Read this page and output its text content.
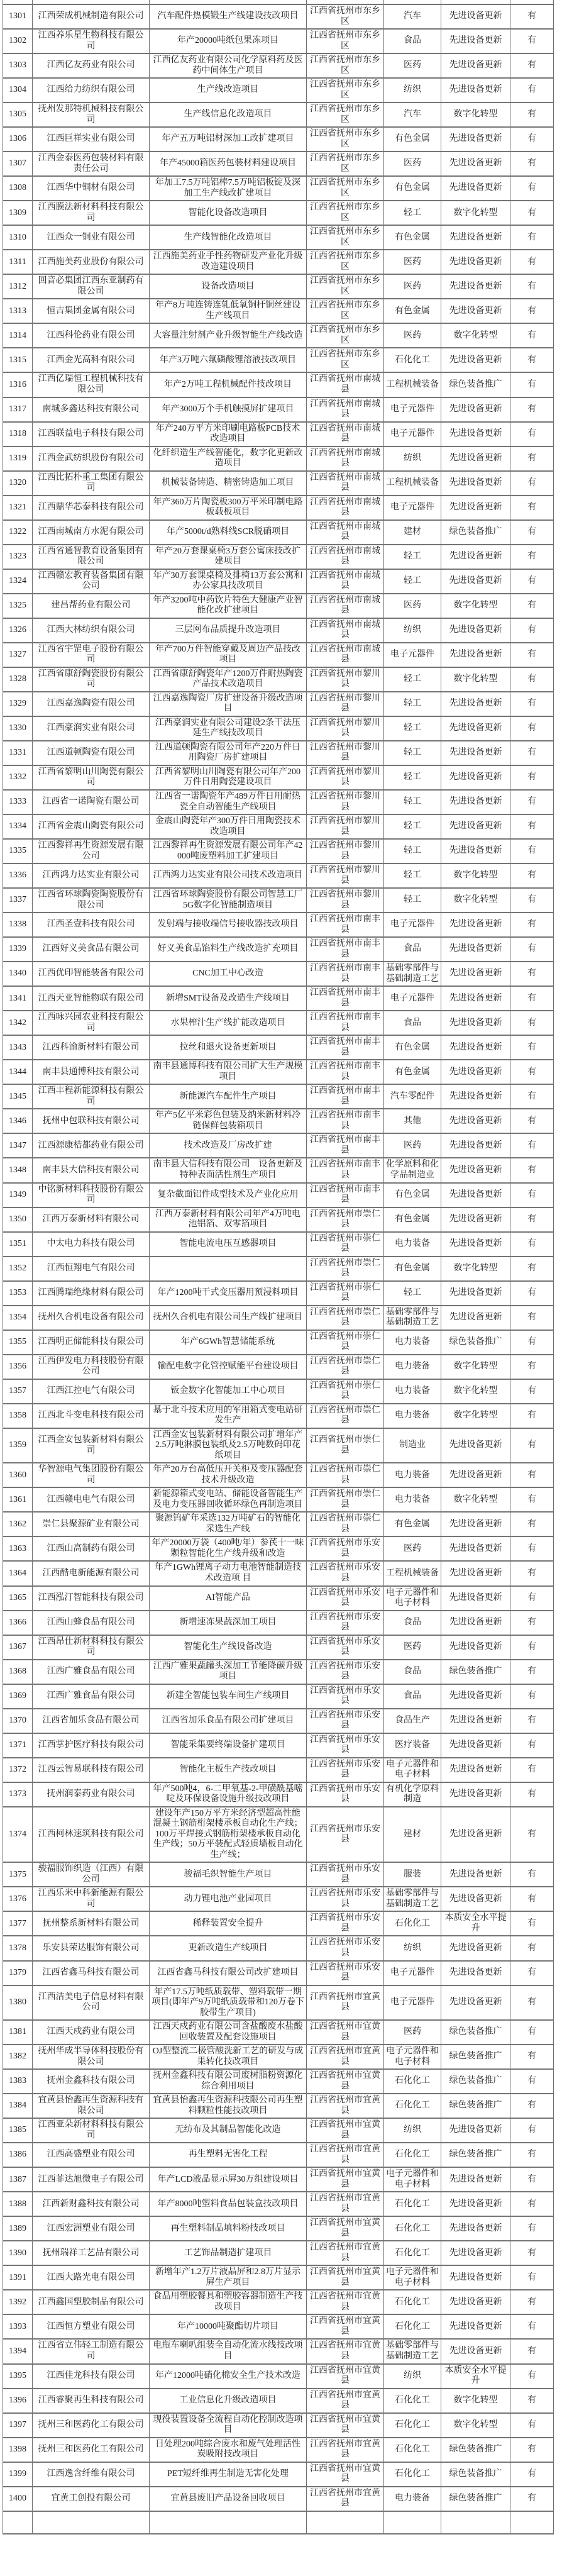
1301	江西荣成机械制造有限公司	汽车配件热模锻生产线建设技改项目	江西省抚州市东乡区	汽车	先进设备更新	有
1302	江西养乐星生物科技有限公司	年产20000吨纸包果冻项目	江西省抚州市东乡区	食品	先进设备更新	有
1303	江西亿友药业有限公司	江西亿友药业有限公司化学原料药及医药中间体生产项目	江西省抚州市东乡区	医药	先进设备更新	有
1304	江西给力纺织有限公司	生产线改造项目	江西省抚州市东乡区	纺织	先进设备更新	有
1305	抚州发那特机械科技有限公司	生产线信息化改造项目	江西省抚州市东乡区	汽车	数字化转型	有
1306	江西巨祥实业有限公司	年产五万吨铝材深加工改扩建项目	江西省抚州市东乡区	有色金属	先进设备更新	有
1307	江西金泰医药包装材料有限责任公司	年产45000箱医药包装材料建设项目	江西省抚州市东乡区	医药	先进设备更新	有
1308	江西华中铜材有限公司	年加工7.5万吨铝棒7.5万吨铝板锭及深加工生产线改扩建项目	江西省抚州市东乡区	有色金属	先进设备更新	有
1309	江西膜法新材料科技有限公司	智能化设备改造项目	江西省抚州市东乡区	轻工	数字化转型	有
1310	江西众一铜业有限公司	生产线智能化改造项目	江西省抚州市东乡区	有色金属	先进设备更新	有
1311	江西施美药业股份有限公司	江西施美药业手性药物研发产业化升级改造建设项目	江西省抚州市东乡区	医药	先进设备更新	有
1312	回音必集团江西东亚制药有限公司	设备改造项目	江西省抚州市东乡区	医药	先进设备更新	有
1313	恒吉集团金属有限公司	年产8万吨连铸连轧低氧铜杆铜丝建设生产线项目	江西省抚州市东乡区	有色金属	先进设备更新	有
1314	江西科伦药业有限公司	大容量注射剂产业升级智能生产线改造	江西省抚州市东乡区	医药	数字化转型	有
1315	江西金光高科有限公司	年产3万吨六氟磷酸锂溶液技改项目	江西省抚州市东乡区	石化化工	先进设备更新	有
1316	江西亿瑞恒工程机械科技有限公司	年产2万吨工程机械配件技改项目	江西省抚州市南城县	工程机械装备	绿色装备推广	有
1317	南城多鑫达科技有限公司	年产3000万个手机触摸屏扩建项目	江西省抚州市南城县	电子元器件	先进设备更新	有
1318	江西联益电子科技有限公司	年产240万平方米印刷电路板PCB技术改造项目	江西省抚州市南城县	电子元器件	先进设备更新	有
1319	江西金武纺织股份有限公司	化纤织造生产线智能化，数字化更新改造项目	江西省抚州市南城县	纺织	先进设备更新	有
1320	江西比拓朴重工集团有限公司	机械装备铸造、精密铸造加工项目	江西省抚州市南城县	工程机械装备	先进设备更新	有
1321	江西鼎华芯泰科技有限公司	年产360万片陶瓷板300万平米印制电路板载板项目	江西省抚州市南城县	电子元器件	先进设备更新	有
1322	江西南城南方水泥有限公司	年产5000t/d熟料线SCR脱硝项目	江西省抚州市南城县	建材	绿色装备推广	有
1323	江西省通智教育设备集团有限公司	年产20万套课桌椅3万套公寓床技改扩建项目	江西省抚州市南城县	轻工	先进设备更新	有
1324	江西赣宏教育装备集团有限公司	年产30万套课桌椅及排椅13万套公寓和办公家具技改项目	江西省抚州市南城县	轻工	先进设备更新	有
1325	建昌帮药业有限公司	年产3200吨中药饮片特色大健康产业智能化改扩建项目	江西省抚州市南城县	医药	数字化转型	有
1326	江西大林纺织有限公司	三层网布品质提升改造项目	江西省抚州市南城县	纺织	先进设备更新	有
1327	江西省宇罡电子股份有限公司	年产700万件智能穿戴及周边产品技改项目	江西省抚州市南城县	电子元器件	先进设备更新	有
1328	江西省康舒陶瓷股份有限公司	江西省康舒陶瓷年产1200万件耐热陶瓷产品技术改造项目	江西省抚州市黎川县	轻工	数字化转型	有
1329	江西嘉逸陶瓷有限公司	江西嘉逸陶瓷厂房扩建设备升级改造项目	江西省抚州市黎川县	轻工	先进设备更新	有
1330	江西豪润实业有限公司	江西豪润实业有限公司建设2条干法压延生产线技改项目	江西省抚州市黎川县	轻工	先进设备更新	有
1331	江西道顿陶瓷有限公司	江西道顿陶瓷有限公司年产220万件日用陶瓷厂房扩建项目	江西省抚州市黎川县	轻工	先进设备更新	有
1332	江西省黎明山川陶瓷有限公司	江西省黎明山川陶瓷有限公司年产200万件日用陶瓷建设项目	江西省抚州市黎川县	轻工	先进设备更新	有
1333	江西省一诺陶瓷有限公司	江西省一诺陶瓷年产489万件日用耐热瓷全自动智能生产线项目	江西省抚州市黎川县	轻工	先进设备更新	有
1334	江西省金震山陶瓷有限公司	金震山陶瓷年产300万件日用陶瓷技术改造项目	江西省抚州市黎川县	轻工	先进设备更新	有
1335	江西黎祥再生资源发展有限公司	江西黎祥再生资源发展有限公司年产42000吨废塑料加工扩建项目	江西省抚州市黎川县	轻工	先进设备更新	有
1336	江西鸿力达实业有限公司	江西鸿力达实业有限公司技术改造项目	江西省抚州市黎川县	轻工	数字化转型	有
1337	江西省环球陶瓷陶瓷股份有限公司	江西省环球陶瓷股份有限公司智慧工厂5G数字化智能制造项目	江西省抚州市黎川县	轻工	数字化转型	有
1338	江西圣壹科技有限公司	发射端与接收端信号接收器技改项目	江西省抚州市南丰县	电子元器件	先进设备更新	有
1339	江西好义美食品有限公司	好义美食品馅料生产线改造扩充项目	江西省抚州市南丰县	食品	先进设备更新	有
1340	江西优印智能装备有限公司	CNC加工中心改造	江西省抚州市南丰县	基础零部件与基础制造工艺	先进设备更新	有
1341	江西天亚智能物联有限公司	新增SMT设备及改造生产线项目	江西省抚州市南丰县	电子元器件	先进设备更新	有
1342	江西咏兴园农业科技有限公司	水果榨汁生产线扩能改造项目	江西省抚州市南丰县	食品	先进设备更新	有
1343	江西科渝新材料有限公司	拉丝和退火设备更新项目	江西省抚州市南丰县	有色金属	先进设备更新	有
1344	南丰县通博科技有限公司	南丰县通博科技有限公司扩大生产规模项目	江西省抚州市南丰县	有色金属	先进设备更新	有
1345	江西丰程新能源科技有限公司	新能源汽车配件生产项目	江西省抚州市南丰县	汽车零配件	先进设备更新	有
1346	抚州中包联科技有限公司	年产5亿平米彩色包装及纳米新材料冷链保鲜包装箱项目	江西省抚州市南丰县	其他	先进设备更新	有
1347	江西源康桔都药业有限公司	技术改造及厂房改扩建	江西省抚州市南丰县	医药	先进设备更新	有
1348	南丰县大信科技有限公司	南丰县大信科技有限公司　设备更新及特种表面活性剂生产项目	江西省抚州市南丰县	化学原料和化学品制造业	先进设备更新	有
1349	中铭新材料科技股份有限公司	复杂截面铝件成型技术及产业化应用	江西省抚州市南丰县	有色金属	先进设备更新	有
1350	江西万泰新材料有限公司	江西万泰新材料有限公司年产4万吨电池铝箔、双零箔项目	江西省抚州市崇仁县	有色金属	先进设备更新	有
1351	中太电力科技有限公司	智能电流电压互感器项目	江西省抚州市崇仁县	电力装备	先进设备更新	有
1352	江西恒翔电气有限公司		江西省抚州市崇仁县	有色金属	数字化转型	有
1353	江西腾瑞绝缘材料有限公司	年产1200吨干式变压器用预浸料项目	江西省抚州市崇仁县	轻工	先进设备更新	有
1354	抚州久合机电设备有限公司	抚州久合机电有限公司生产线扩建项目	江西省抚州市崇仁县	基础零部件与基础制造工艺	先进设备更新	有
1355	江西明正储能科技有限公司	年产6GWh智慧储能系统	江西省抚州市崇仁县	电力装备	绿色装备推广	有
1356	江西伊发电力科技股份有限公司	输配电数字化管控赋能平台建设项目	江西省抚州市崇仁县	电力装备	数字化转型	有
1357	江西江控电气有限公司	钣金数字化智能加工中心项目	江西省抚州市崇仁县	电力装备	数字化转型	有
1358	江西北斗变电科技有限公司	基于北斗技术应用的军用箱式变电站研发生产	江西省抚州市崇仁县	电力装备	数字化转型	有
1359	江西金安包装新材料有限公司	江西金安包装新材料有限公司扩增年产2.5万吨淋膜包装纸及2.5万吨数码印花纸项目	江西省抚州市崇仁县	制造业	先进设备更新	有
1360	华智源电气集团股份有限公司	年产20万台高低压开关柜及变压器配套技术升级改造	江西省抚州市崇仁县	电力装备	先进设备更新	有
1361	江西赣电电气有限公司	新能源箱式变电站、储能设备智能生产及电力变压器回收循环绿色再制造项目	江西省抚州市崇仁县	电力装备	数字化转型	有
1362	崇仁县聚源矿业有限公司	聚源钨矿年采选132万吨矿石的智能化采选生产线	江西省抚州市崇仁县	有色金属	先进设备更新	有
1363	江西山高制药有限公司	年产20000万袋（400吨/年）参芪十一味颗粒智能化生产线升级和改造	江西省抚州市乐安县	医药	先进设备更新	有
1364	江西酷电新能源有限公司	年产1GWh锂离子动力电池智能制造技术改造项 目	江西省抚州市乐安县	工程机械装备	先进设备更新	有
1365	江西泓汀智能科技有限公司	AI智能产品	江西省抚州市乐安县	电子元器件和电子材料	先进设备更新	有
1366	江西山蜂食品有限公司	新增速冻果蔬深加工项目	江西省抚州市乐安县	食品	先进设备更新	有
1367	江西昂仕新材料科技有限公司	智能化生产线设备改造	江西省抚州市乐安县	医药	先进设备更新	有
1368	江西广雅食品有限公司	江西广雅果蔬罐头深加工节能降碳升级项目	江西省抚州市乐安县	食品	绿色装备推广	有
1369	江西广雅食品有限公司	新建全智能包装车间生产线项目	江西省抚州市乐安县	食品	先进设备更新	有
1370	江西省加乐食品有限公司	江西省加乐食品有限公司扩建项目	江西省抚州市乐安县	食品生产	先进设备更新	有
1371	江西掌护医疗科技有限公司	智能采集要终端设备扩建项目	江西省抚州市乐安县	医疗装备	先进设备更新	有
1372	江西云智易联科技有限公司	智能化主板生产技改项目	江西省抚州市乐安县	电子元器件和电子材料	先进设备更新	有
1373	抚州润泰药业有限公司	年产500吨4，6-二甲氧基-2-甲磺酰基嘧啶及环保设备设施升级技改项目	江西省抚州市乐安县	有机化学原料制造	先进设备更新	有
1374	江西柯林速筑科技有限公司	建设年产150万平方米经济型超高性能混凝土钢筋桁架楼承板自动化生产线；100万平焊接式钢筋桁架楼承板自动化生产线；50万平装配式轻质墙板自动化生产线；	江西省抚州市乐安县	建材	先进设备更新	有
1375	骏福服饰织造（江西）有限公司	骏福毛织智能生产项目	江西省抚州市乐安县	服装	先进设备更新	有
1376	江西乐米中科新能源有限公司	动力锂电池产业园项目	江西省抚州市乐安县	基础零部件与基础制造工艺	先进设备更新	有
1377	抚州整系新材料有限公司	稀释装置安全提升	江西省抚州市乐安县	石化化工	本质安全水平提升	有
1378	乐安县荣达服饰有限公司	更新改造生产线项目	江西省抚州市乐安县	纺织	先进设备更新	有
1379	江西省鑫马科技有限公司	江西省鑫马科技有限公司改扩建项目	江西省抚州市乐安县	电子元器件	先进设备更新	有
1380	江西洁美电子信息材料有限公司	年产17.5万吨纸质载带、塑料载带一期项目(即年产9万吨纸质载带和120万卷下胶带生产项目)	江西省抚州市宜黄县	电子元器件	先进设备更新	有
1381	江西天戍药业有限公司	江西天戍药业有限公司含盐酸废水盐酸回收装置及配套设施项目	江西省抚州市宜黄县	医药	绿色装备推广	有
1382	抚州华成半导体科技股份有限公司	OJ型整流二极管酸洗新工艺的研发与成果转化技改项目	江西省抚州市宜黄县	电子元器件和电子材料	绿色装备推广	有
1383	抚州金鑫科技有限公司	抚州金鑫科技有限公司废树脂粉资源化综合利用项目	江西省抚州市宜黄县	石化化工	绿色装备推广	有
1384	宜黄县怡鑫再生资源科技有限公司	宜黄县怡鑫再生资源科技限公司再生塑料颗粒性能技改项目	江西省抚州市宜黄县	石化化工	绿色装备推广	有
1385	江西亚朵新材料科技有限公司	无纺布及其制品智能化改造	江西省抚州市宜黄县	纺织	先进设备更新	有
1386	江西高盛塑业有限公司	再生塑料无害化工程	江西省抚州市宜黄县	石化化工	绿色装备推广	有
1387	江西菲达旭微电子有限公司	年产LCD液晶显示屏30万组建设项目	江西省抚州市宜黄县	电子元器件和电子材料	先进设备更新	有
1388	江西新财鑫科技有限公司	年产8000吨塑料食品包装盒技改项目	江西省抚州市宜黄县	石化化工	先进设备更新	有
1389	江西宏洲塑业有限公司	再生塑料制品填料粉技改项目	江西省抚州市宜黄县	石化化工	先进设备更新	有
1390	抚州瑞祥工艺品有限公司	工艺饰品制造扩建项目	江西省抚州市宜黄县	石化化工	先进设备更新	有
1391	江西大路光电有限公司	新增年产1.2万片液晶屏和2.8万片显示屏生产项目	江西省抚州市宜黄县	电子元器件和电子材料	先进设备更新	有
1392	江西鑫国塑胶制品有限公司	食品用塑胶餐具和塑胶容器制造生产技改项目	江西省抚州市宜黄县	石化化工	先进设备更新	有
1393	江西恒方塑业有限公司	年产10000吨聚酯切片项目	江西省抚州市宜黄县	石化化工	先进设备更新	有
1394	江西省立伟轻工制造有限公司	电瓶车喇叭组装全自动化流水线技改项目	江西省抚州市宜黄县	基础零部件与基础制造工艺	先进设备更新	有
1395	江西佳龙科技有限公司	年产12000吨硝化棉安全生产技术改造	江西省抚州市宜黄县	纺织	本质安全水平提升	有
1396	江西睿聚再生科技有限公司	工业信息化升级改造项目	江西省抚州市宜黄县	石化化工	数字化转型	有
1397	抚州三和医药化工有限公司	现役装置设备全流程自动化控制改造项目	江西省抚州市宜黄县	石化化工	数字化转型	有
1398	抚州三和医药化工有限公司	日处理200吨综合废水和废气处理活性炭吸附技改项目	江西省抚州市宜黄县	石化化工	绿色装备推广	有
1399	江西逸含纤维有限公司	PET短纤维再生制造无害化处理	江西省抚州市宜黄县	石化化工	绿色装备推广	有
1400	宜黄工创投有限公司	宜黄县废旧产品设备回收项目	江西省抚州市宜黄县	电力装备	绿色装备推广	有
